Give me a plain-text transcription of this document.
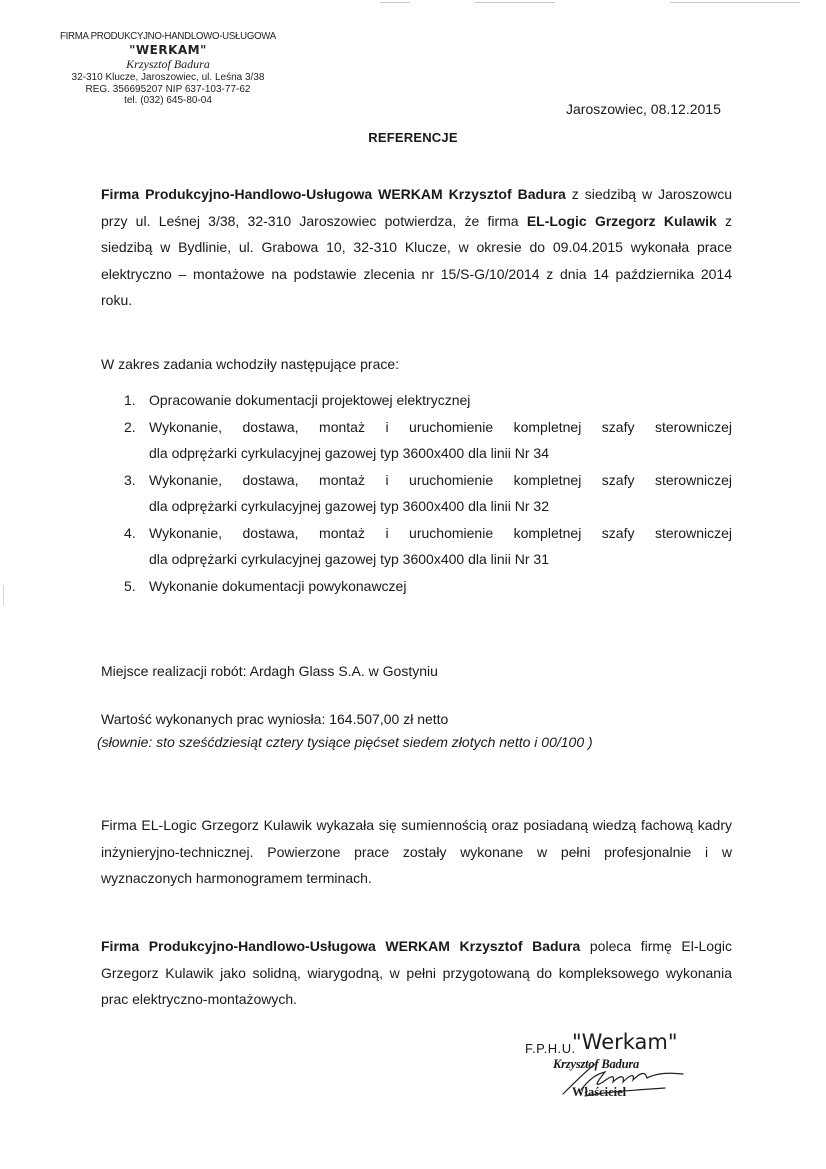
FIRMA PRODUKCYJNO-HANDLOWO-USŁUGOWA
"WERKAM"
Krzysztof Badura
32-310 Klucze, Jaroszowiec, ul. Leśna 3/38
REG. 356695207 NIP 637-103-77-62
tel. (032) 645-80-04
Jaroszowiec, 08.12.2015
REFERENCJE
Firma Produkcyjno-Handlowo-Usługowa WERKAM Krzysztof Badura z siedzibą w Jaroszowcu przy ul. Leśnej 3/38, 32-310 Jaroszowiec potwierdza, że firma EL-Logic Grzegorz Kulawik z siedzibą w Bydlinie, ul. Grabowa 10, 32-310 Klucze, w okresie do 09.04.2015 wykonała prace elektryczno – montażowe na podstawie zlecenia nr 15/S-G/10/2014 z dnia 14 października 2014 roku.
W zakres zadania wchodziły następujące prace:
1. Opracowanie dokumentacji projektowej elektrycznej
2. Wykonanie, dostawa, montaż i uruchomienie kompletnej szafy sterowniczej
dla odprężarki cyrkulacyjnej gazowej typ 3600x400 dla linii Nr 34
3. Wykonanie, dostawa, montaż i uruchomienie kompletnej szafy sterowniczej
dla odprężarki cyrkulacyjnej gazowej typ 3600x400 dla linii Nr 32
4. Wykonanie, dostawa, montaż i uruchomienie kompletnej szafy sterowniczej
dla odprężarki cyrkulacyjnej gazowej typ 3600x400 dla linii Nr 31
5. Wykonanie dokumentacji powykonawczej
Miejsce realizacji robót: Ardagh Glass S.A. w Gostyniu
Wartość wykonanych prac wyniosła: 164.507,00 zł netto
(słownie: sto sześćdziesiąt cztery tysiące pięćset siedem złotych netto i 00/100 )
Firma EL-Logic Grzegorz Kulawik wykazała się sumiennością oraz posiadaną wiedzą fachową kadry inżynieryjno-technicznej. Powierzone prace zostały wykonane w pełni profesjonalnie i w wyznaczonych harmonogramem terminach.
Firma Produkcyjno-Handlowo-Usługowa WERKAM Krzysztof Badura poleca firmę El-Logic Grzegorz Kulawik jako solidną, wiarygodną, w pełni przygotowaną do kompleksowego wykonania prac elektryczno-montażowych.
F.P.H.U.
"Werkam"
Krzysztof Badura
Właściciel
